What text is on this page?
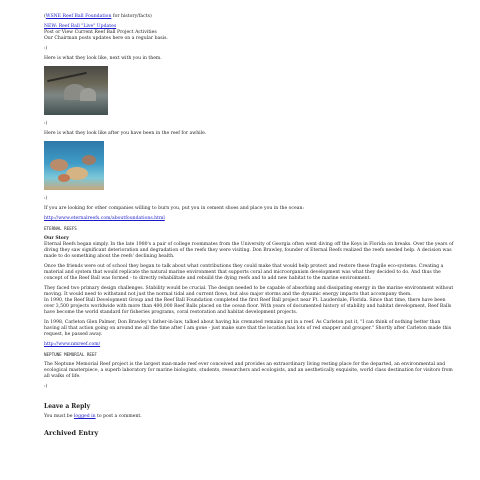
(WSNE Reef Ball Foundation for history/facts)

NEW: Reef Ball "Live" Updates
Post or View Current Reef Ball Project Activities
Our Chairman posts updates here on a regular basis.

:)

Here is what they look like, next with you in them.

:)

Here is what they look like after you have been in the reef for awhile.

:)

If you are looking for other companies willing to burn you, put you in cement shoes and place you in the ocean:

http://www.eternalreefs.com/aboutfoundations.html

ETERNAL REEFS

Our Story
Eternal Reefs began simply. In the late 1980's a pair of college roommates from the University of Georgia often went diving off the Keys in Florida on breaks. Over the years of diving they saw significant deterioration and degradation of the reefs they were visiting. Don Brawley, founder of Eternal Reefs realized the reefs needed help. A decision was made to do something about the reefs' declining health.

Once the friends were out of school they began to talk about what contributions they could make that would help protect and restore these fragile eco-systems. Creating a material and system that would replicate the natural marine environment that supports coral and microorganism development was what they decided to do. And thus the concept of the Reef Ball was formed - to directly rehabilitate and rebuild the dying reefs and to add new habitat to the marine environment.

They faced two primary design challenges. Stability would be crucial. The design needed to be capable of absorbing and dissipating energy in the marine environment without moving. It would need to withstand not just the normal tidal and current flows, but also major storms and the dynamic energy impacts that accompany them.
In 1990, the Reef Ball Development Group and the Reef Ball Foundation completed the first Reef Ball project near Ft. Lauderdale, Florida. Since that time, there have been over 3,500 projects worldwide with more than 400,000 Reef Balls placed on the ocean floor. With years of documented history of stability and habitat development, Reef Balls have become the world standard for fisheries programs, coral restoration and habitat development projects.

In 1998, Carleton Glen Palmer, Don Brawley's father-in-law, talked about having his cremated remains put in a reef. As Carleton put it, "I can think of nothing better than having all that action going on around me all the time after I am gone - just make sure that the location has lots of red snapper and grouper." Shortly after Carleton made this request, he passed away.

http://www.nmreef.com/

NEPTUNE MEMORIAL REEF

The Neptune Memorial Reef project is the largest man-made reef ever conceived and provides an extraordinary living resting place for the departed, an environmental and ecological masterpiece, a superb laboratory for marine biologists, students, researchers and ecologists, and an aesthetically exquisite, world class destination for visitors from all walks of life.

:)

Leave a Reply

You must be logged in to post a comment.

Archived Entry
